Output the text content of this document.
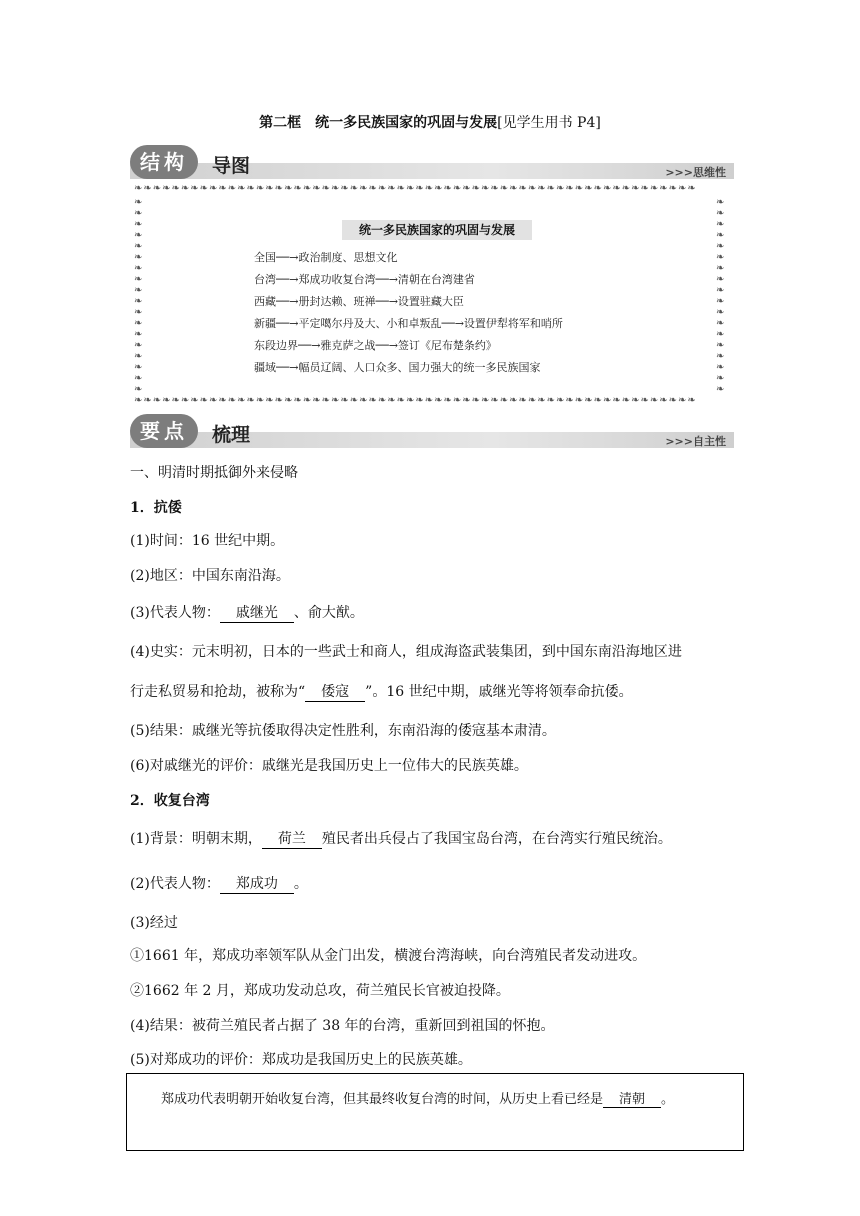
第二框　统一多民族国家的巩固与发展[见学生用书 P4]
结构	导图	>>>思维性
❧❧❧❧❧❧❧❧❧❧❧❧❧❧❧❧❧❧❧❧❧❧❧❧❧❧❧❧❧❧❧❧❧❧❧❧❧❧❧❧❧❧❧❧❧❧❧❧❧❧❧❧❧❧❧❧❧❧❧❧
❧❧❧❧❧❧❧❧❧❧❧❧❧❧❧❧❧❧❧❧❧❧❧❧❧❧❧❧❧❧❧❧❧❧❧❧❧❧❧❧❧❧❧❧❧❧❧❧❧❧❧❧❧❧❧❧❧❧❧❧
❧❧❧❧❧❧❧❧❧❧❧❧❧❧❧❧❧❧
❧❧❧❧❧❧❧❧❧❧❧❧❧❧❧❧❧❧
统一多民族国家的巩固与发展
全国──→政治制度、思想文化
台湾──→郑成功收复台湾──→清朝在台湾建省
西藏──→册封达赖、班禅──→设置驻藏大臣
新疆──→平定噶尔丹及大、小和卓叛乱──→设置伊犁将军和哨所
东段边界──→雅克萨之战──→签订《尼布楚条约》
疆域──→幅员辽阔、人口众多、国力强大的统一多民族国家
要点	梳理	>>>自主性
一、明清时期抵御外来侵略
1．抗倭
(1)时间：16 世纪中期。
(2)地区：中国东南沿海。
(3)代表人物： 戚继光 、俞大猷。
(4)史实：元末明初，日本的一些武士和商人，组成海盗武装集团，到中国东南沿海地区进
行走私贸易和抢劫，被称为“ 倭寇 ”。16 世纪中期，戚继光等将领奉命抗倭。
(5)结果：戚继光等抗倭取得决定性胜利，东南沿海的倭寇基本肃清。
(6)对戚继光的评价：戚继光是我国历史上一位伟大的民族英雄。
2．收复台湾
(1)背景：明朝末期， 荷兰 殖民者出兵侵占了我国宝岛台湾，在台湾实行殖民统治。
(2)代表人物： 郑成功 。
(3)经过
①1661 年，郑成功率领军队从金门出发，横渡台湾海峡，向台湾殖民者发动进攻。
②1662 年 2 月，郑成功发动总攻，荷兰殖民长官被迫投降。
(4)结果：被荷兰殖民者占据了 38 年的台湾，重新回到祖国的怀抱。
(5)对郑成功的评价：郑成功是我国历史上的民族英雄。
郑成功代表明朝开始收复台湾，但其最终收复台湾的时间，从历史上看已经是 清朝 。
